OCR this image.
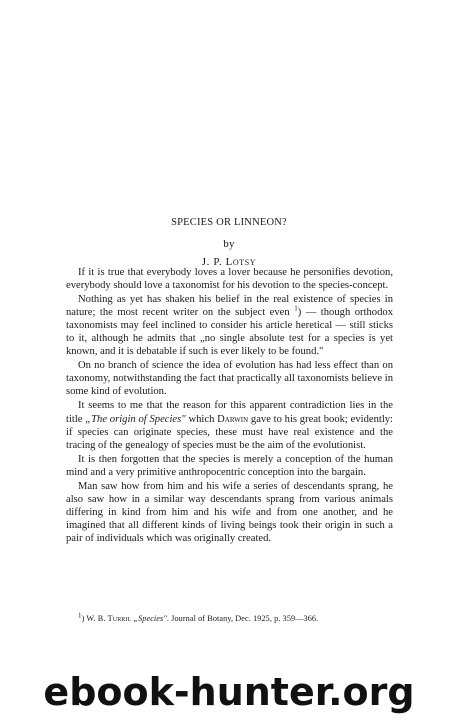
SPECIES OR LINNEON?
by
J. P. Lotsy

If it is true that everybody loves a lover because he personifies devotion, everybody should love a taxonomist for his devotion to the species-concept.

Nothing as yet has shaken his belief in the real existence of species in nature; the most recent writer on the subject even $^1$) — though orthodox taxonomists may feel inclined to consider his article heretical — still sticks to it, although he admits that „no single absolute test for a species is yet known, and it is debatable if such is ever likely to be found."

On no branch of science the idea of evolution has had less effect than on taxonomy, notwithstanding the fact that practically all taxonomists believe in some kind of evolution.

It seems to me that the reason for this apparent contradiction lies in the title „The origin of Species" which Darwin gave to his great book; evidently: if species can originate species, these must have real existence and the tracing of the genealogy of species must be the aim of the evolutionist.

It is then forgotten that the species is merely a conception of the human mind and a very primitive anthropocentric conception into the bargain.

Man saw how from him and his wife a series of descendants sprang, he also saw how in a similar way descendants sprang from various animals differing in kind from him and his wife and from one another, and he imagined that all different kinds of living beings took their origin in such a pair of individuals which was originally created.

$^1$) W. B. Turril „Species". Journal of Botany, Dec. 1925, p. 359—366.
ebook-hunter.org
